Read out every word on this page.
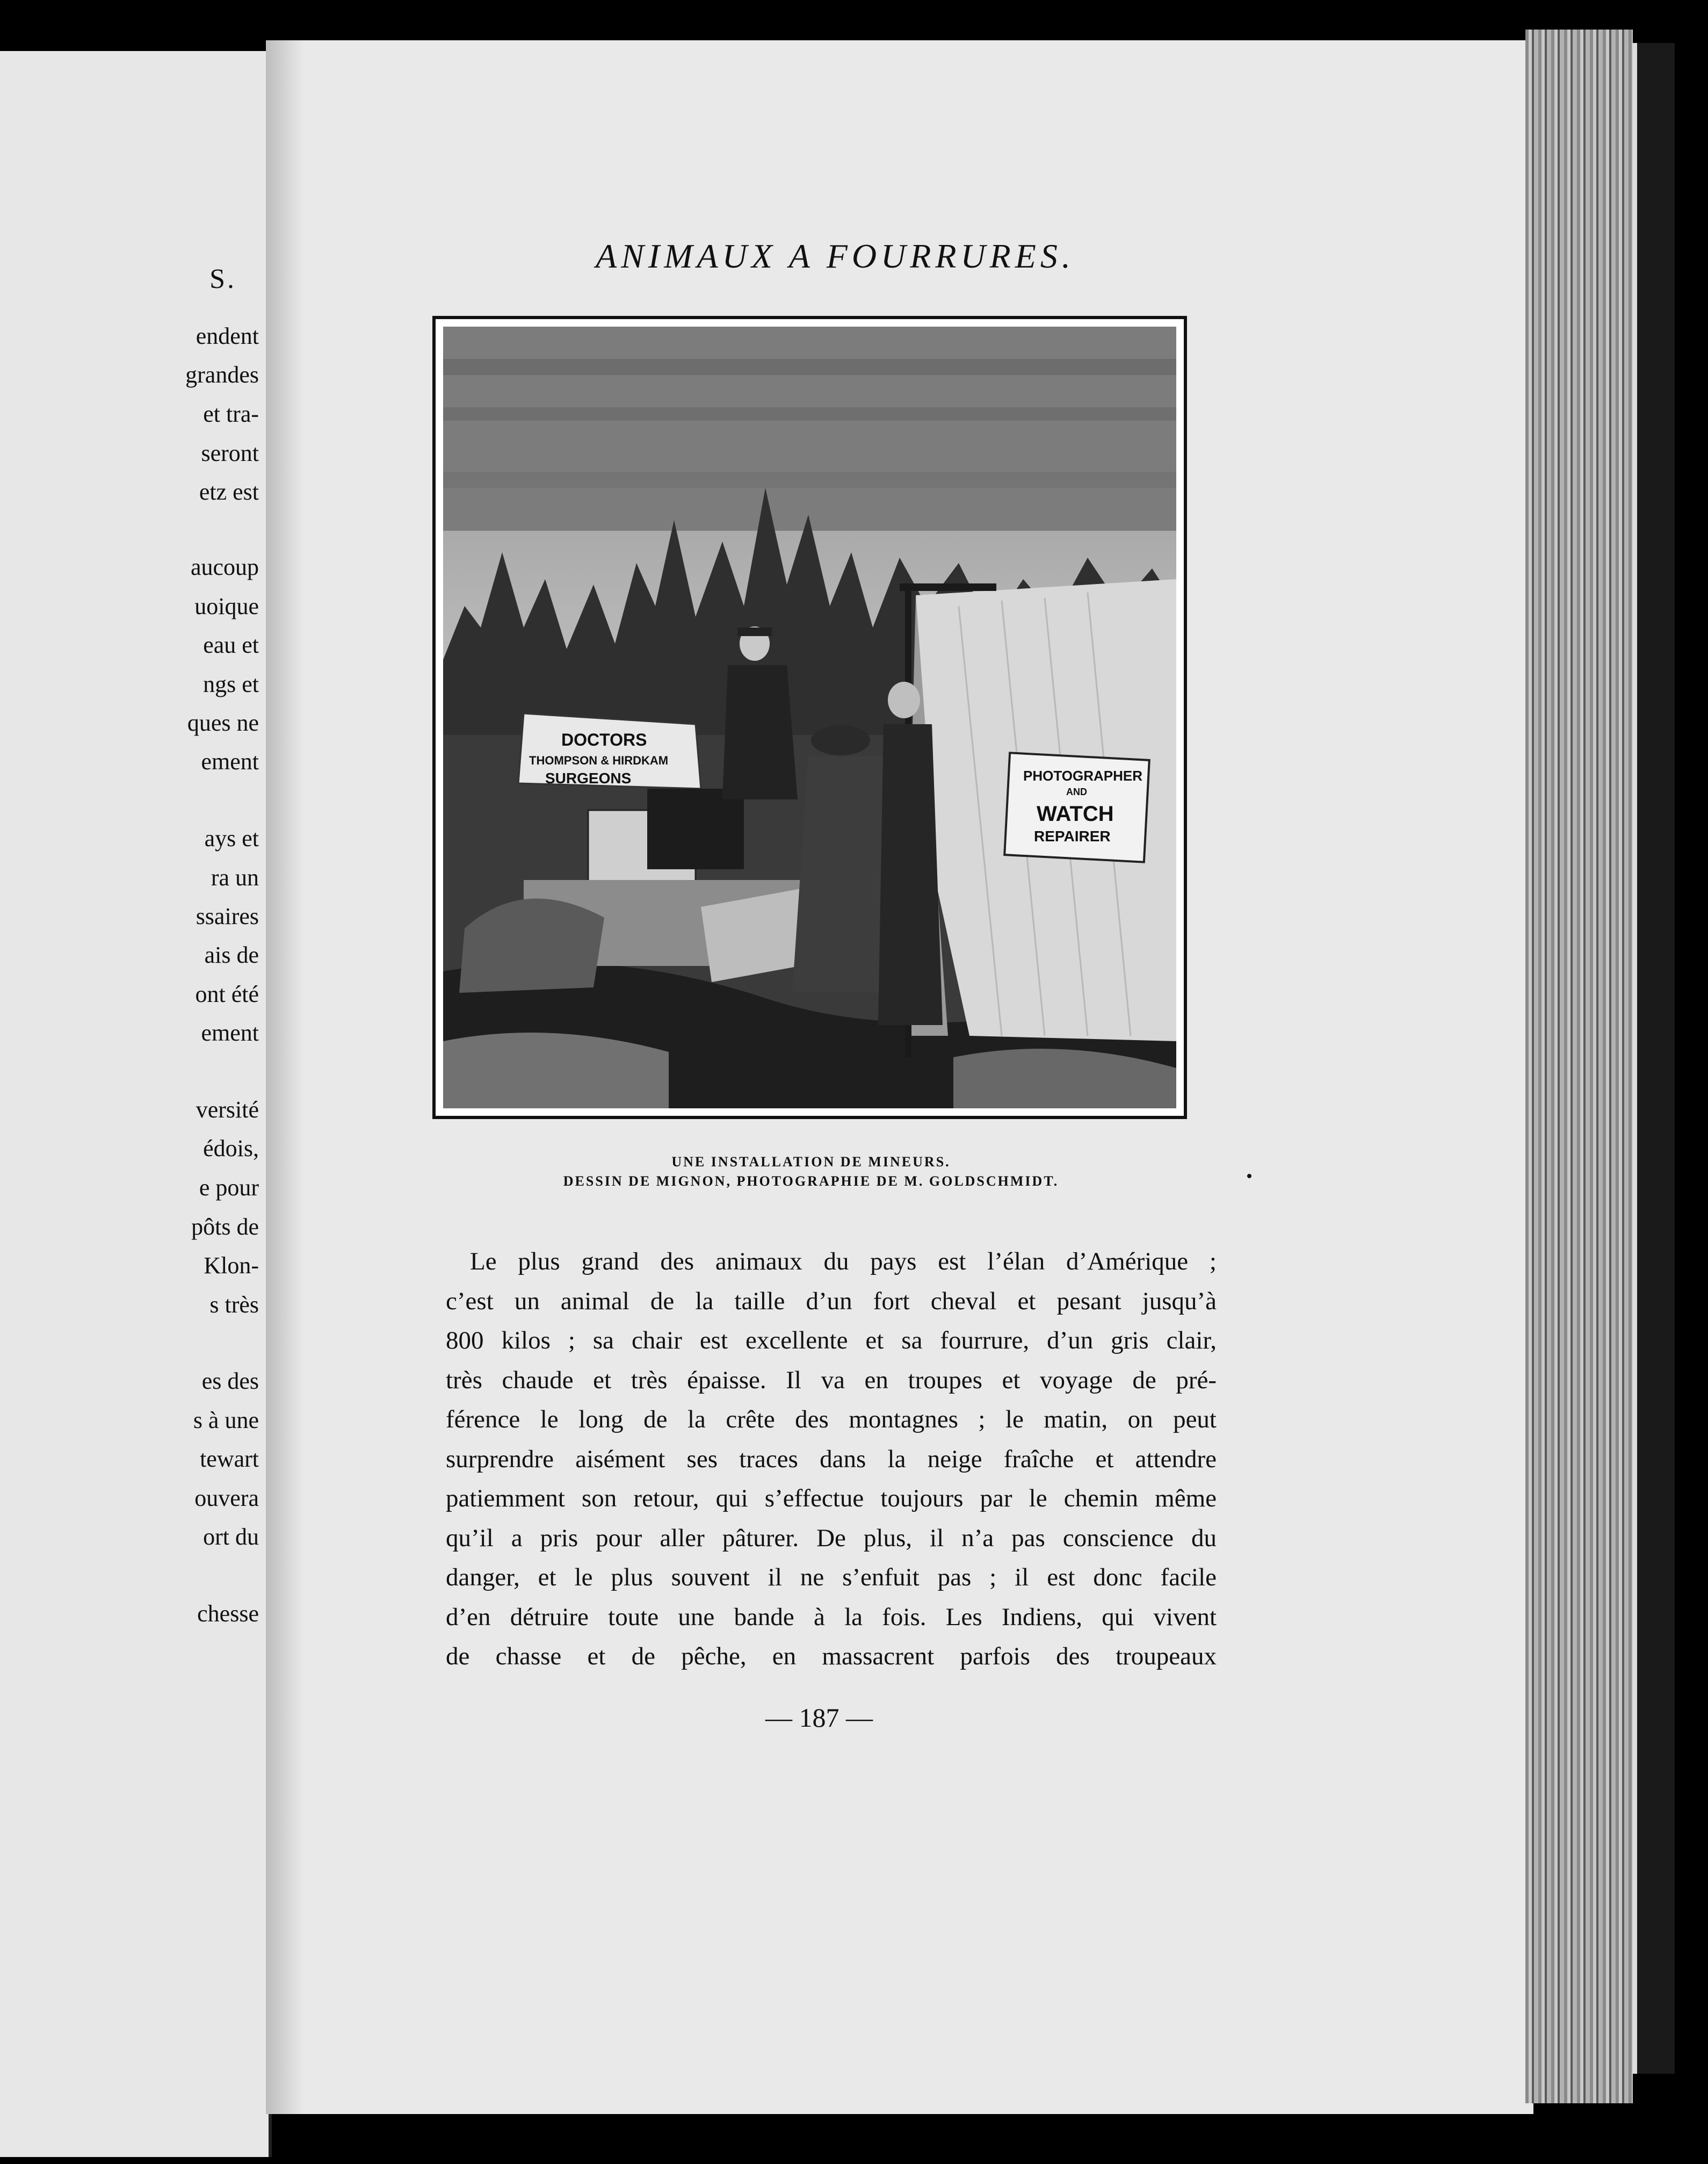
S.
endent
grandes
et tra-
seront
etz est
aucoup
uoique
eau et
ngs et
ques ne
ement
ays et
ra un
ssaires
ais de
ont été
ement
versité
édois,
e pour
pôts de
Klon-
s très
es des
s à une
tewart
ouvera
ort du
chesse
ANIMAUX A FOURRURES.
PHOTOGRAPHER
AND
WATCH
REPAIRER
DOCTORS
THOMPSON & HIRDKAM
SURGEONS
UNE INSTALLATION DE MINEURS.
DESSIN DE MIGNON, PHOTOGRAPHIE DE M. GOLDSCHMIDT.
Le plus grand des animaux du pays est l’élan d’Amérique ;
c’est un animal de la taille d’un fort cheval et pesant jusqu’à
800 kilos ; sa chair est excellente et sa fourrure, d’un gris clair,
très chaude et très épaisse. Il va en troupes et voyage de pré-
férence le long de la crête des montagnes ; le matin, on peut
surprendre aisément ses traces dans la neige fraîche et attendre
patiemment son retour, qui s’effectue toujours par le chemin même
qu’il a pris pour aller pâturer. De plus, il n’a pas conscience du
danger, et le plus souvent il ne s’enfuit pas ; il est donc facile
d’en détruire toute une bande à la fois. Les Indiens, qui vivent
de chasse et de pêche, en massacrent parfois des troupeaux
— 187 —
